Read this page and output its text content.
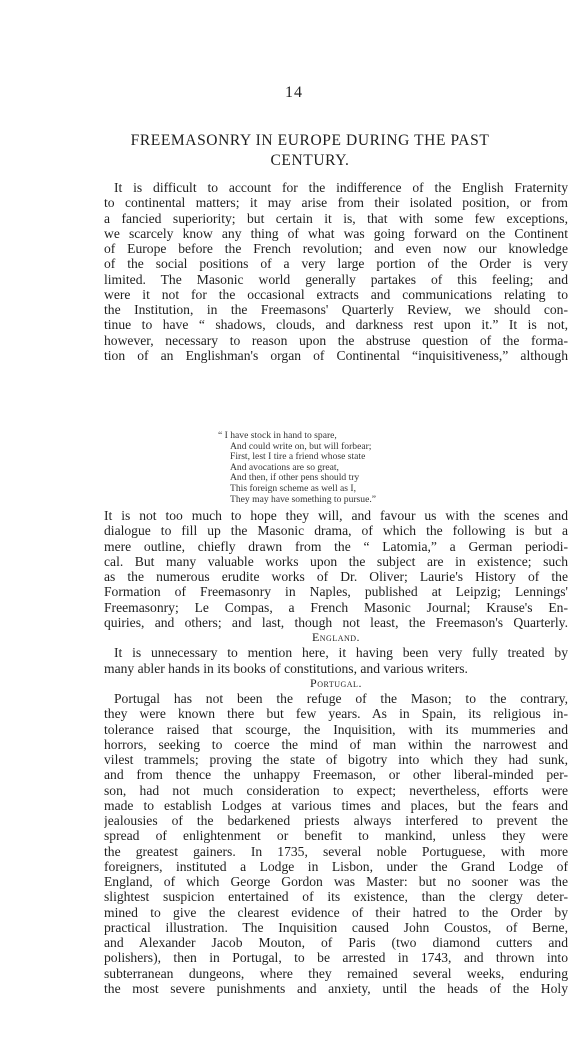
14
FREEMASONRY IN EUROPE DURING THE PAST
CENTURY.
It is difficult to account for the indifference of the English Fraternity
to continental matters; it may arise from their isolated position, or from
a fancied superiority; but certain it is, that with some few exceptions,
we scarcely know any thing of what was going forward on the Continent
of Europe before the French revolution; and even now our knowledge
of the social positions of a very large portion of the Order is very
limited. The Masonic world generally partakes of this feeling; and
were it not for the occasional extracts and communications relating to
the Institution, in the Freemasons' Quarterly Review, we should con-
tinue to have “ shadows, clouds, and darkness rest upon it.” It is not,
however, necessary to reason upon the abstruse question of the forma-
tion of an Englishman's organ of Continental “inquisitiveness,” although
“ I have stock in hand to spare,
And could write on, but will forbear;
First, lest I tire a friend whose state
And avocations are so great,
And then, if other pens should try
This foreign scheme as well as I,
They may have something to pursue.”
It is not too much to hope they will, and favour us with the scenes and
dialogue to fill up the Masonic drama, of which the following is but a
mere outline, chiefly drawn from the “ Latomia,” a German periodi-
cal. But many valuable works upon the subject are in existence; such
as the numerous erudite works of Dr. Oliver; Laurie's History of the
Formation of Freemasonry in Naples, published at Leipzig; Lennings'
Freemasonry; Le Compas, a French Masonic Journal; Krause's En-
quiries, and others; and last, though not least, the Freemason's Quarterly.
England.
It is unnecessary to mention here, it having been very fully treated by
many abler hands in its books of constitutions, and various writers.
Portugal.
Portugal has not been the refuge of the Mason; to the contrary,
they were known there but few years. As in Spain, its religious in-
tolerance raised that scourge, the Inquisition, with its mummeries and
horrors, seeking to coerce the mind of man within the narrowest and
vilest trammels; proving the state of bigotry into which they had sunk,
and from thence the unhappy Freemason, or other liberal-minded per-
son, had not much consideration to expect; nevertheless, efforts were
made to establish Lodges at various times and places, but the fears and
jealousies of the bedarkened priests always interfered to prevent the
spread of enlightenment or benefit to mankind, unless they were
the greatest gainers. In 1735, several noble Portuguese, with more
foreigners, instituted a Lodge in Lisbon, under the Grand Lodge of
England, of which George Gordon was Master: but no sooner was the
slightest suspicion entertained of its existence, than the clergy deter-
mined to give the clearest evidence of their hatred to the Order by
practical illustration. The Inquisition caused John Coustos, of Berne,
and Alexander Jacob Mouton, of Paris (two diamond cutters and
polishers), then in Portugal, to be arrested in 1743, and thrown into
subterranean dungeons, where they remained several weeks, enduring
the most severe punishments and anxiety, until the heads of the Holy
